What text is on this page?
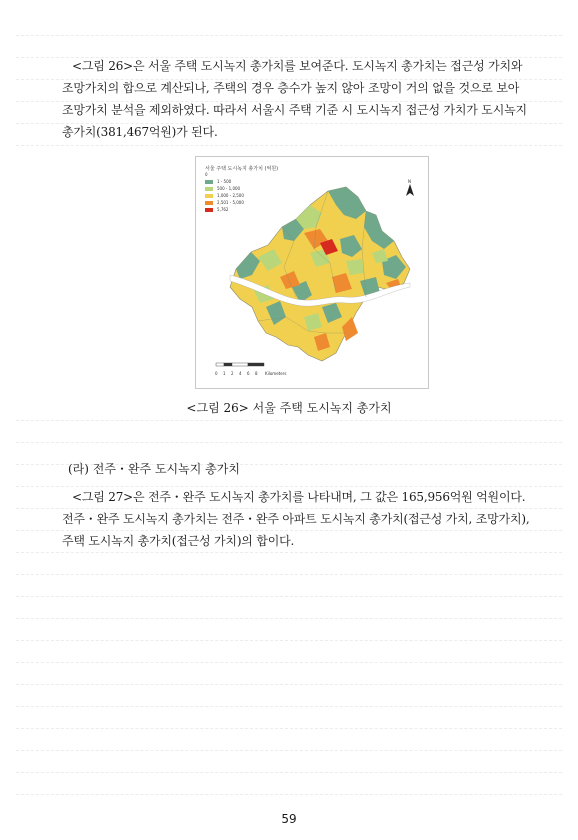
<그림 26>은 서울 주택 도시녹지 총가치를 보여준다. 도시녹지 총가치는 접근성 가치와 조망가치의 합으로 계산되나, 주택의 경우 층수가 높지 않아 조망이 거의 없을 것으로 보아 조망가치 분석을 제외하였다. 따라서 서울시 주택 기준 시 도시녹지 접근성 가치가 도시녹지 총가치(381,467억원)가 된다.

서울 주택 도시녹지 총가치 (억원)
0
1 - 500
500 - 1,000
1,000 - 2,500
2,501 - 5,000
5,762
N
0 1 2 4 6 8 Kilometers
<그림 26> 서울 주택 도시녹지 총가치
(라) 전주・완주 도시녹지 총가치

<그림 27>은 전주・완주 도시녹지 총가치를 나타내며, 그 값은 165,956억원 억원이다. 전주・완주 도시녹지 총가치는 전주・완주 아파트 도시녹지 총가치(접근성 가치, 조망가치), 주택 도시녹지 총가치(접근성 가치)의 합이다.

59
